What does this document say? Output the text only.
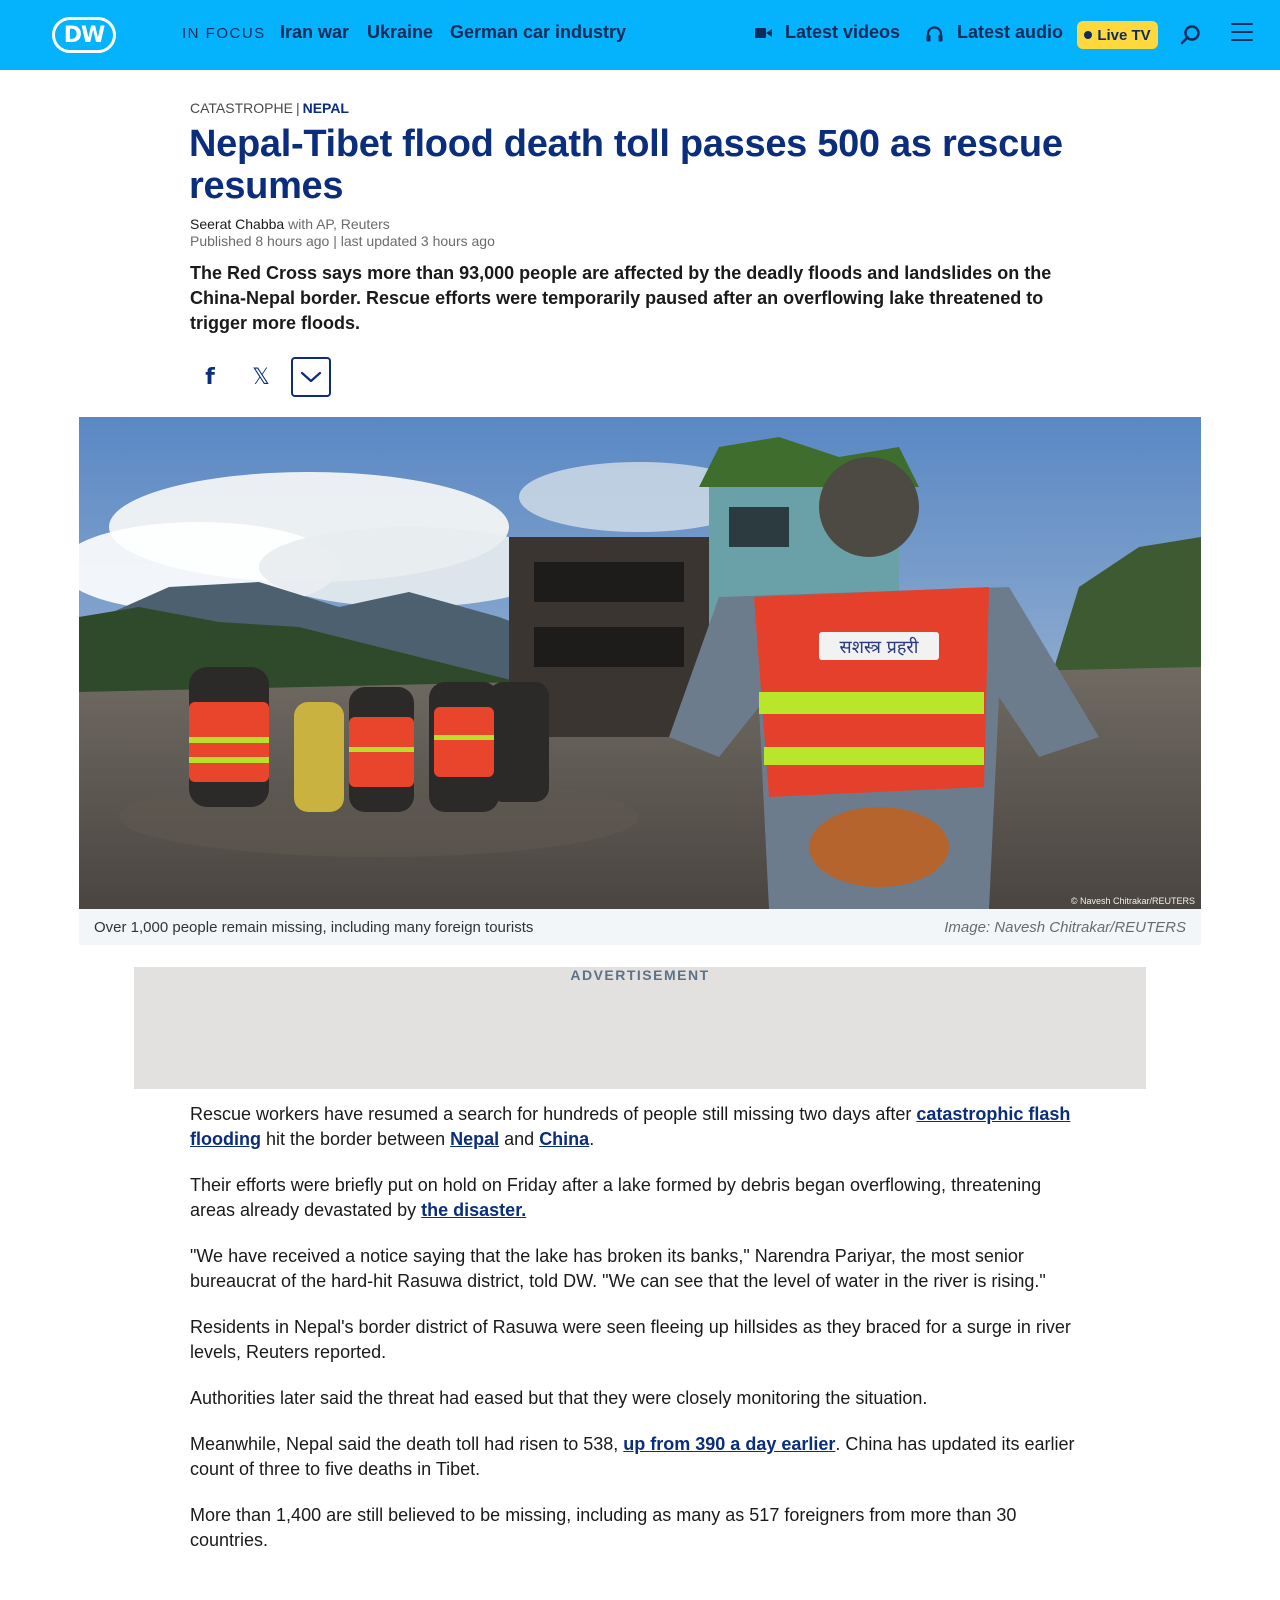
DW	IN FOCUS Iran war Ukraine German car industry	Latest videos	Latest audio Live TV
CATASTROPHE | NEPAL
Nepal-Tibet flood death toll passes 500 as rescue resumes
Seerat Chabba with AP, Reuters
Published 8 hours ago | last updated 3 hours ago
The Red Cross says more than 93,000 people are affected by the deadly floods and landslides on the China-Nepal border. Rescue efforts were temporarily paused after an overflowing lake threatened to trigger more floods.
f	𝕏
सशस्त्र प्रहरी
© Navesh Chitrakar/REUTERS
Over 1,000 people remain missing, including many foreign tourists	Image: Navesh Chitrakar/REUTERS
ADVERTISEMENT

Rescue workers have resumed a search for hundreds of people still missing two days after catastrophic flash flooding hit the border between Nepal and China.

Their efforts were briefly put on hold on Friday after a lake formed by debris began overflowing, threatening areas already devastated by the disaster.

"We have received a notice saying that the lake has broken its banks," Narendra Pariyar, the most senior bureaucrat of the hard-hit Rasuwa district, told DW. "We can see that the level of water in the river is rising."

Residents in Nepal's border district of Rasuwa were seen fleeing up hillsides as they braced for a surge in river levels, Reuters reported.

Authorities later said the threat had eased but that they were closely monitoring the situation.

Meanwhile, Nepal said the death toll had risen to 538, up from 390 a day earlier. China has updated its earlier count of three to five deaths in Tibet.

More than 1,400 are still believed to be missing, including as many as 517 foreigners from more than 30 countries.
